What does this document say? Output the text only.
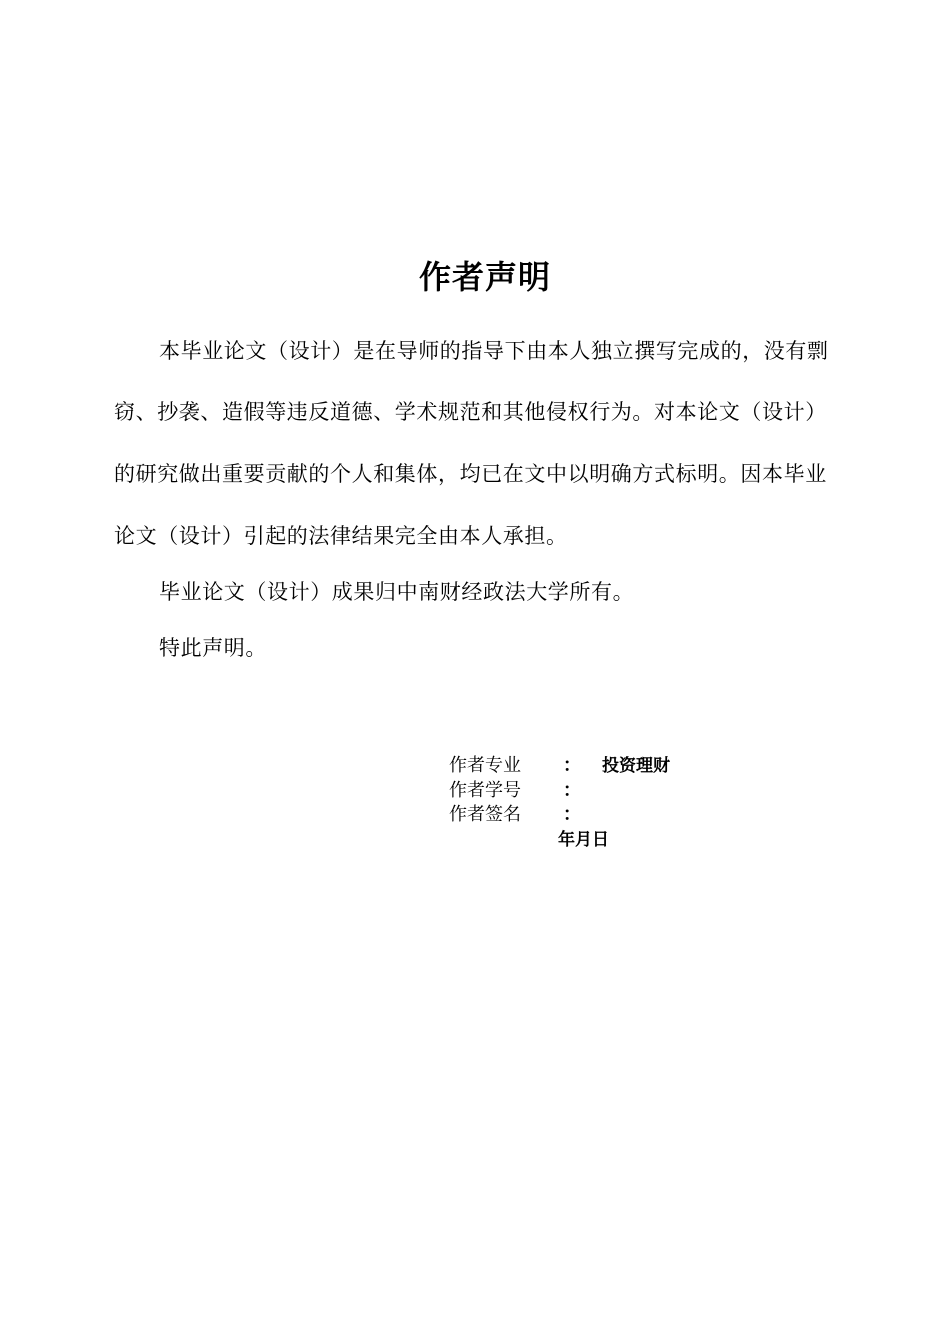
作者声明
本毕业论文（设计）是在导师的指导下由本人独立撰写完成的，没有剽
窃、抄袭、造假等违反道德、学术规范和其他侵权行为。对本论文（设计）
的研究做出重要贡献的个人和集体，均已在文中以明确方式标明。因本毕业
论文（设计）引起的法律结果完全由本人承担。
毕业论文（设计）成果归中南财经政法大学所有。
特此声明。
作者专业 ： 投资理财
作者学号 ：
作者签名 ：
年月日
